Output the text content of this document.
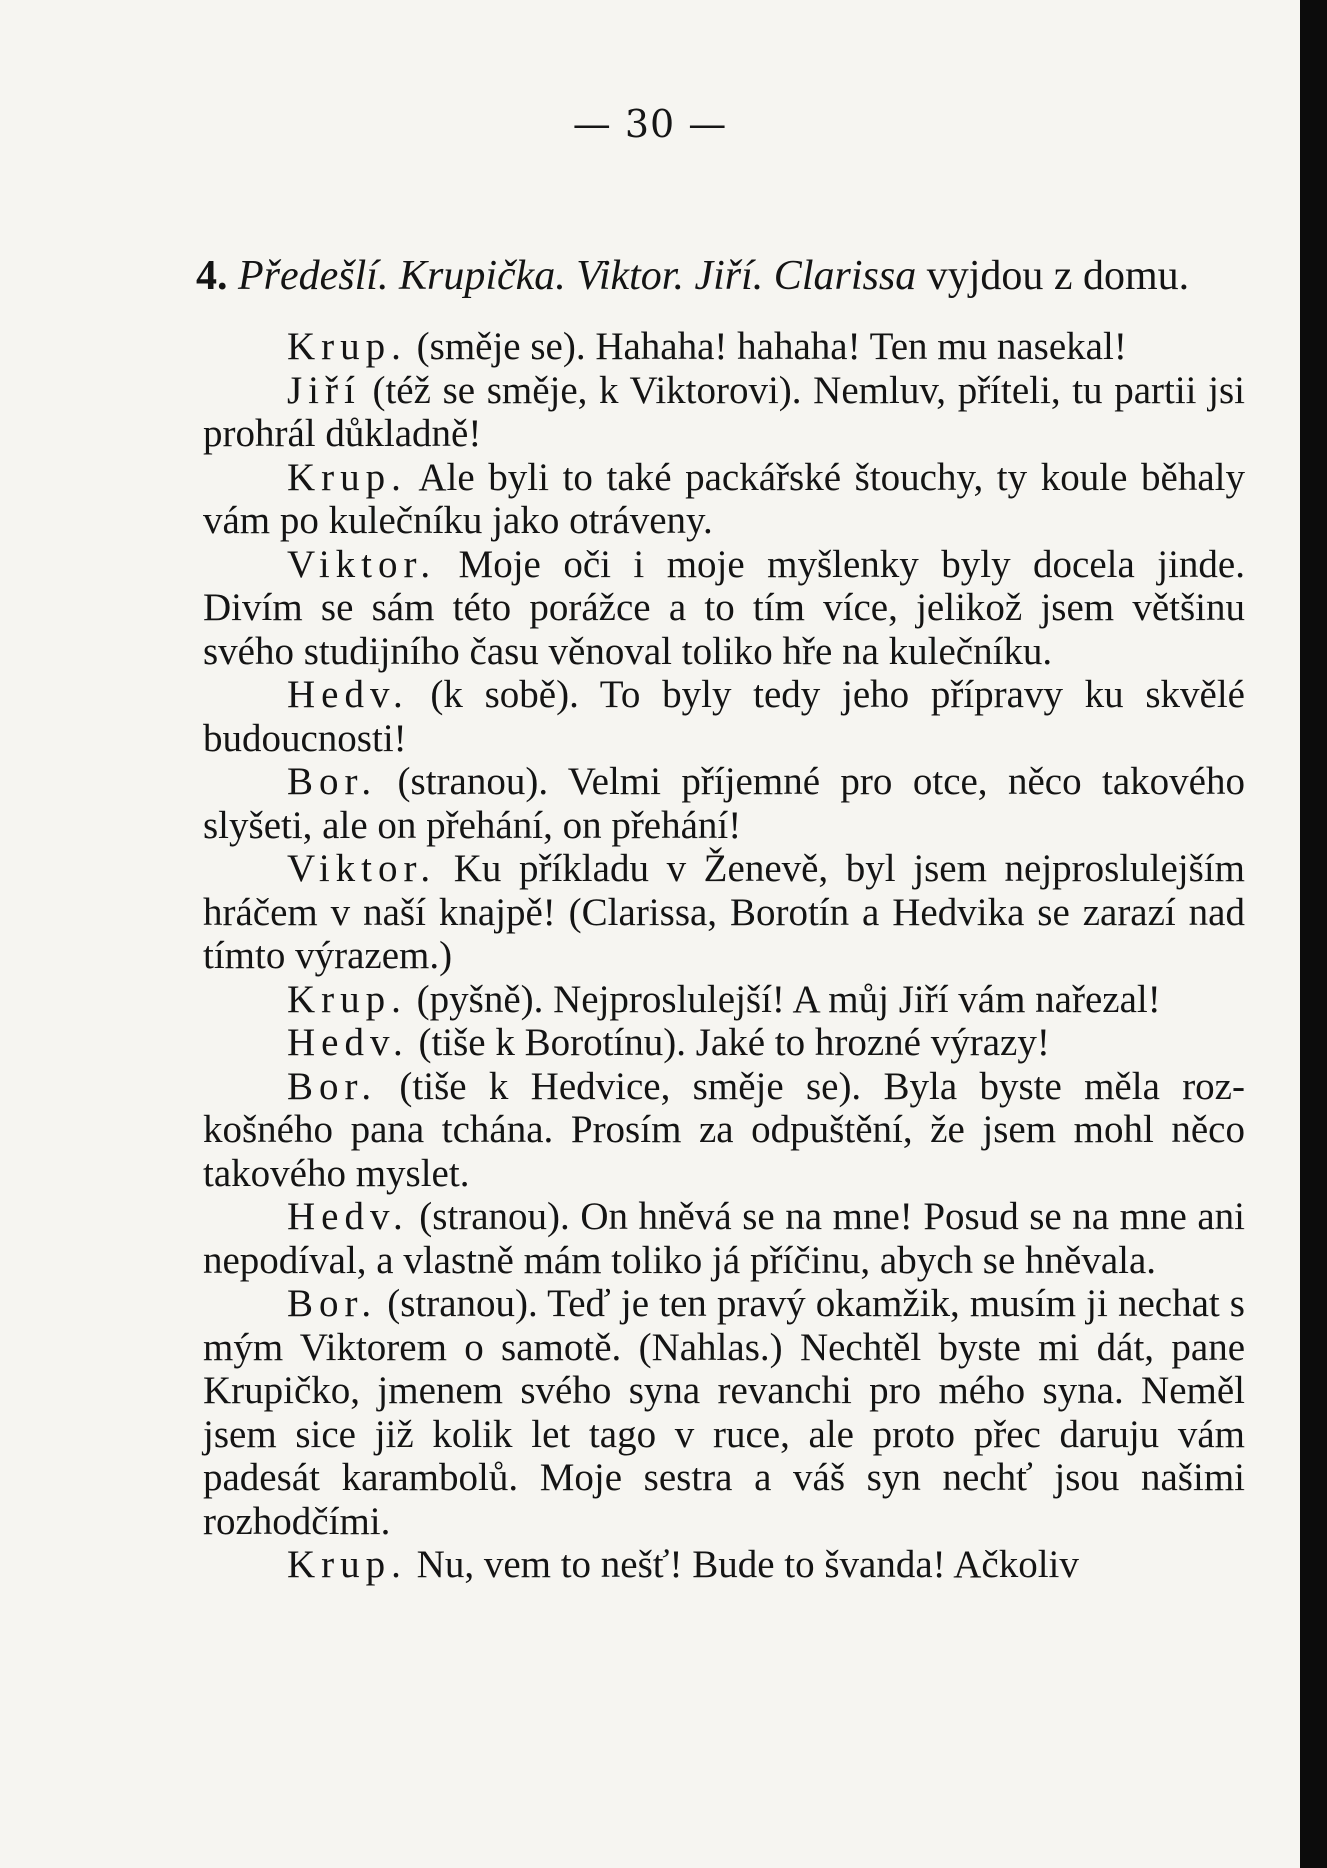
— 30 —
4. Předešlí. Krupička. Viktor. Jiří. Clarissa vyjdou z domu.

Krup. (směje se). Hahaha! hahaha! Ten mu nasekal!

Jiří (též se směje, k Viktorovi). Nemluv, příteli, tu partii jsi prohrál důkladně!

Krup. Ale byli to také packářské štouchy, ty koule běhaly vám po kulečníku jako otráveny.

Viktor. Moje oči i moje myšlenky byly docela jinde. Divím se sám této porážce a to tím více, jelikož jsem většinu svého studijního času věnoval toliko hře na kulečníku.

Hedv. (k sobě). To byly tedy jeho přípravy ku skvělé budoucnosti!

Bor. (stranou). Velmi příjemné pro otce, něco takového slyšeti, ale on přehání, on přehání!

Viktor. Ku příkladu v Ženevě, byl jsem nejproslulejším hráčem v naší knajpě! (Clarissa, Borotín a Hedvika se zarazí nad tímto výrazem.)

Krup. (pyšně). Nejproslulejší! A můj Jiří vám nařezal!

Hedv. (tiše k Borotínu). Jaké to hrozné výrazy!

Bor. (tiše k Hedvice, směje se). Byla byste měla rozkošného pana tchána. Prosím za odpuštění, že jsem mohl něco takového myslet.

Hedv. (stranou). On hněvá se na mne! Posud se na mne ani nepodíval, a vlastně mám toliko já příčinu, abych se hněvala.

Bor. (stranou). Teď je ten pravý okamžik, musím ji nechat s mým Viktorem o samotě. (Nahlas.) Nechtěl byste mi dát, pane Krupičko, jmenem svého syna revanchi pro mého syna. Neměl jsem sice již kolik let tago v ruce, ale proto přec daruju vám padesát karambolů. Moje sestra a váš syn nechť jsou našimi rozhodčími.

Krup. Nu, vem to nešť! Bude to švanda! Ačkoliv
